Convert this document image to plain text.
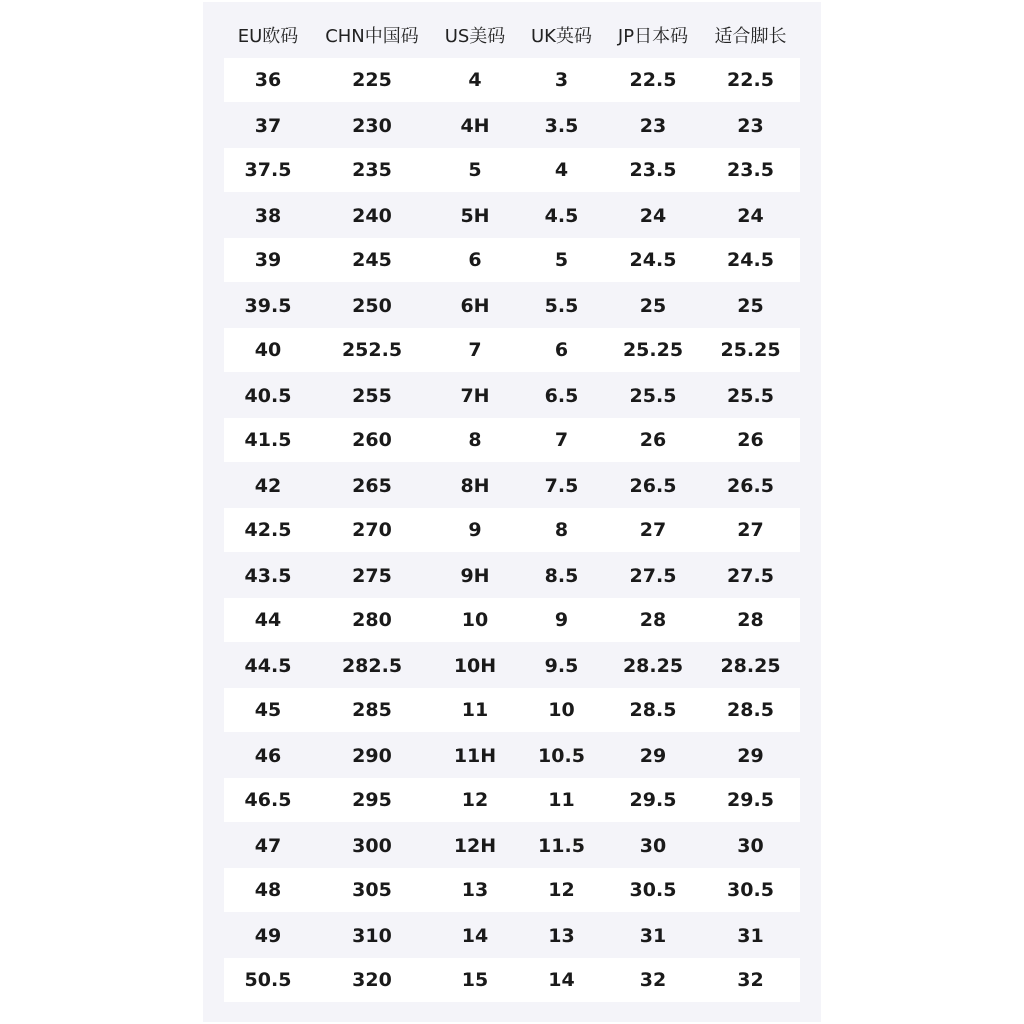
EU欧码	CHN中国码	US美码	UK英码	JP日本码	适合脚长
36	225	4	3	22.5	22.5
37	230	4H	3.5	23	23
37.5	235	5	4	23.5	23.5
38	240	5H	4.5	24	24
39	245	6	5	24.5	24.5
39.5	250	6H	5.5	25	25
40	252.5	7	6	25.25	25.25
40.5	255	7H	6.5	25.5	25.5
41.5	260	8	7	26	26
42	265	8H	7.5	26.5	26.5
42.5	270	9	8	27	27
43.5	275	9H	8.5	27.5	27.5
44	280	10	9	28	28
44.5	282.5	10H	9.5	28.25	28.25
45	285	11	10	28.5	28.5
46	290	11H	10.5	29	29
46.5	295	12	11	29.5	29.5
47	300	12H	11.5	30	30
48	305	13	12	30.5	30.5
49	310	14	13	31	31
50.5	320	15	14	32	32
